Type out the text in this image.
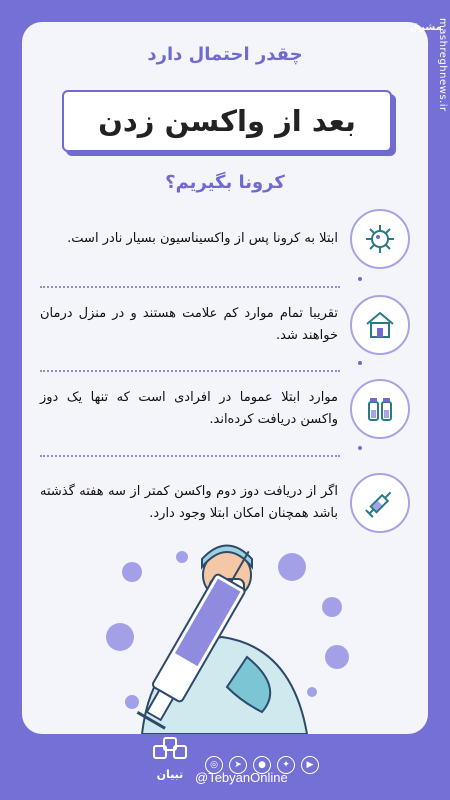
چقدر احتمال دارد
بعد از واکسن زدن
کرونا بگیریم؟
ابتلا به کرونا پس از واکسیناسیون بسیار نادر است.
تقریبا تمام موارد کم علامت هستند و در منزل درمان خواهند شد.
موارد ابتلا عموما در افرادی است که تنها یک دوز واکسن دریافت کرده‌اند.
اگر از دریافت دوز دوم واکسن کمتر از سه هفته گذشته باشد همچنان امکان ابتلا وجود دارد.
mashreghnews.ir
مشرق
تبیان
◎	➤	●	✦	▶
@TebyanOnline
